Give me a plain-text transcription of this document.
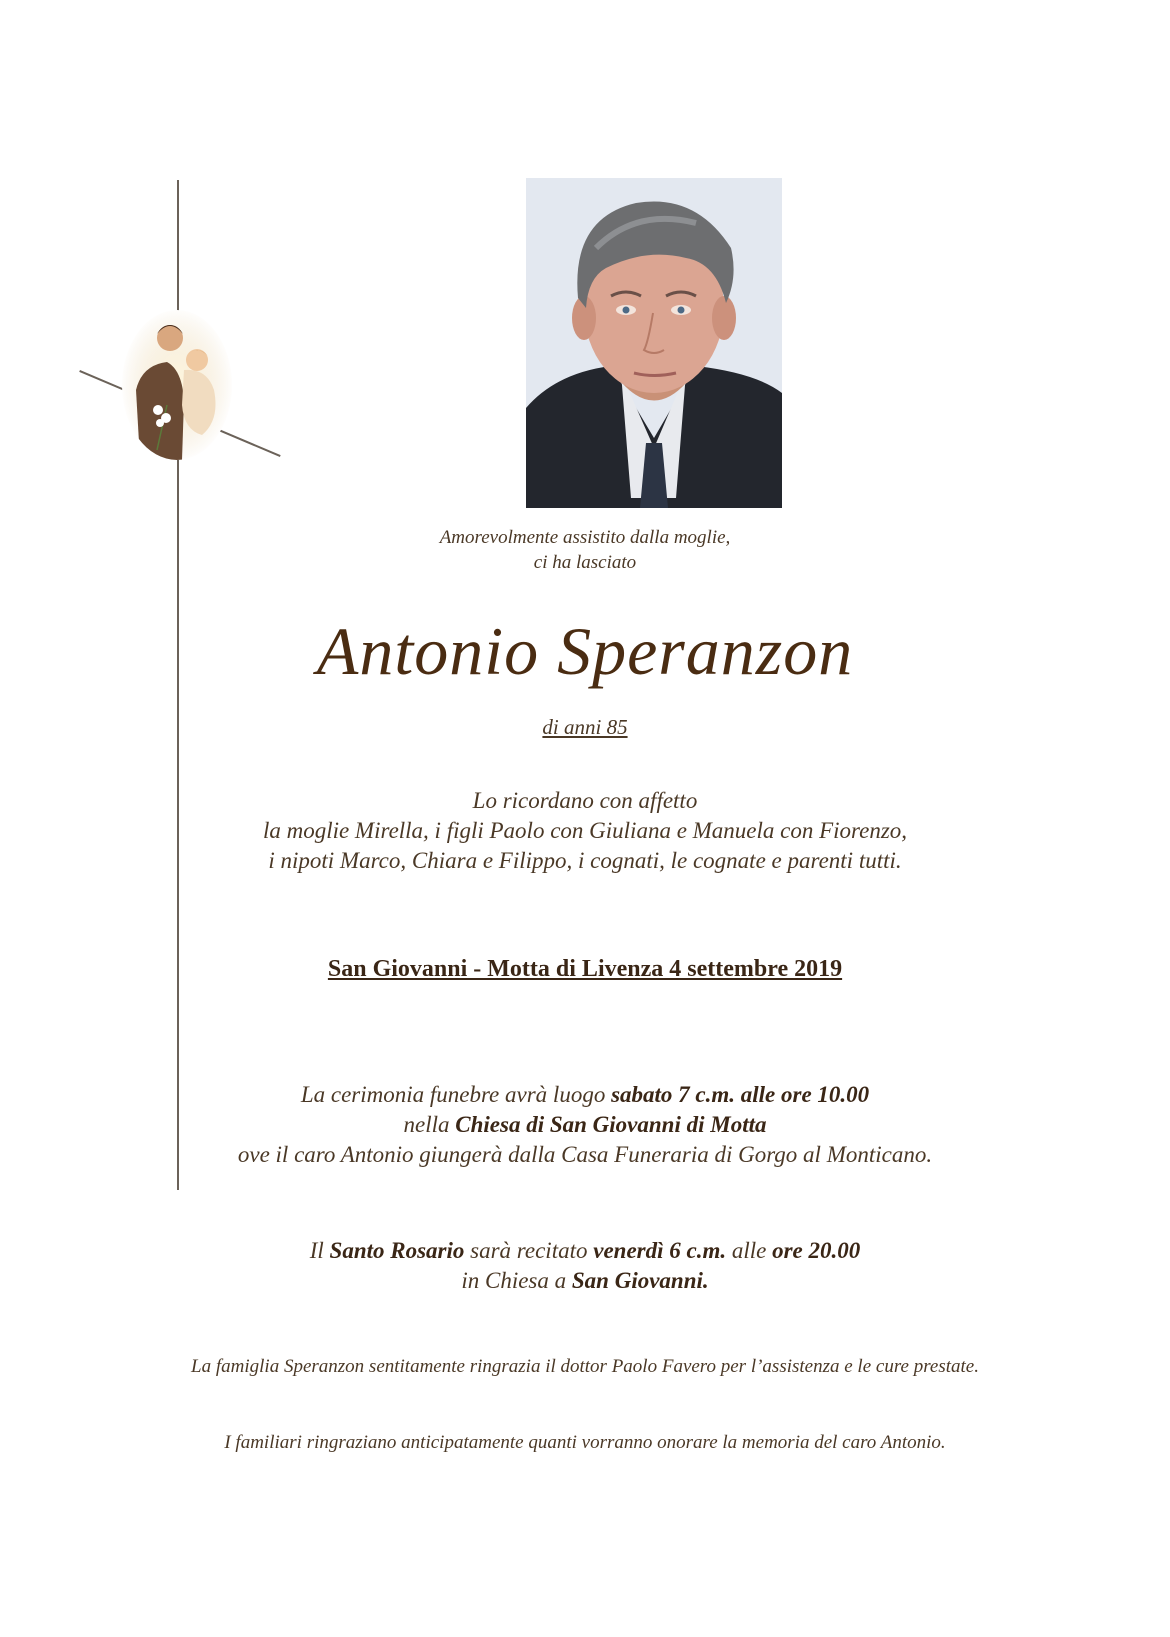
Amorevolmente assistito dalla moglie,
ci ha lasciato
Antonio Speranzon
di anni 85
Lo ricordano con affetto
la moglie Mirella, i figli Paolo con Giuliana e Manuela con Fiorenzo,
i nipoti Marco, Chiara e Filippo, i cognati, le cognate e parenti tutti.
San Giovanni - Motta di Livenza 4 settembre 2019
La cerimonia funebre avrà luogo sabato 7 c.m. alle ore 10.00
nella Chiesa di San Giovanni di Motta
ove il caro Antonio giungerà dalla Casa Funeraria di Gorgo al Monticano.
Il Santo Rosario sarà recitato venerdì 6 c.m. alle ore 20.00
in Chiesa a San Giovanni.
La famiglia Speranzon sentitamente ringrazia il dottor Paolo Favero per l’assistenza e le cure prestate.
I familiari ringraziano anticipatamente quanti vorranno onorare la memoria del caro Antonio.
